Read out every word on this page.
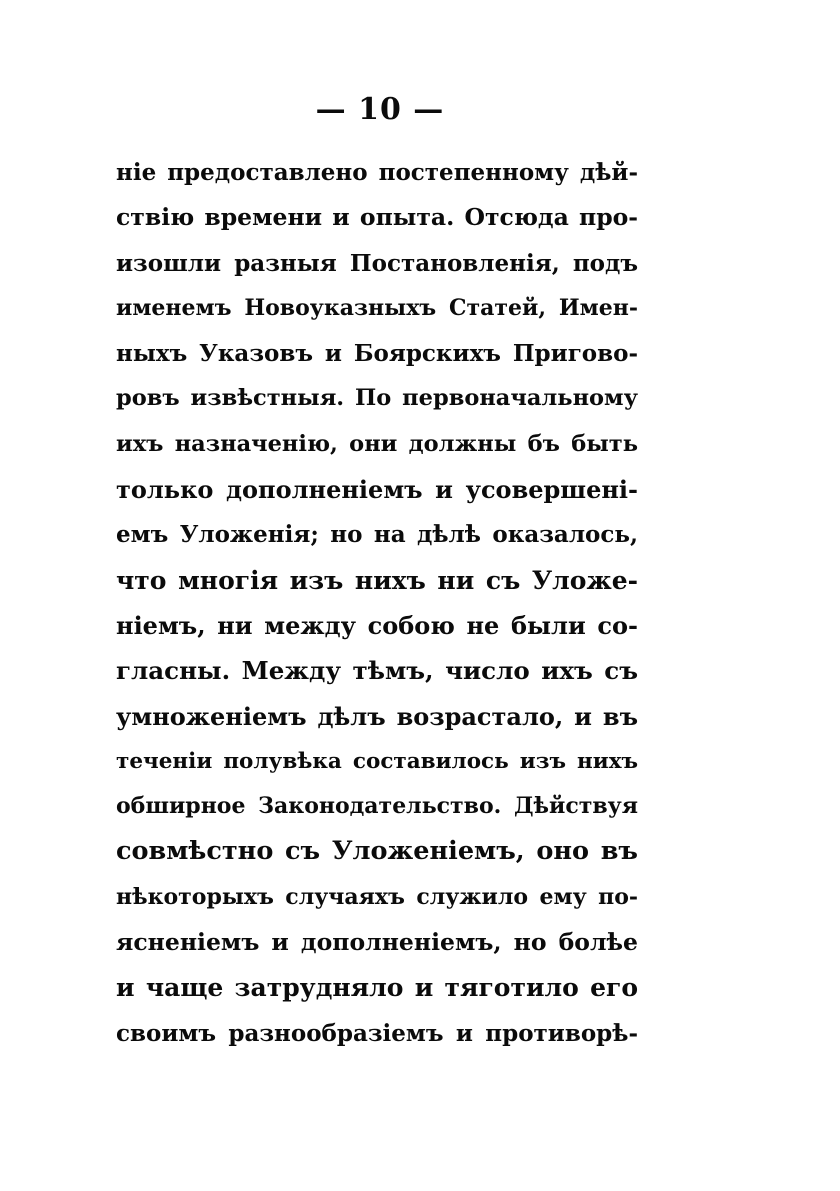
— 10 —
ніе предоставлено постепенному дѣй-
ствію времени и опыта. Отсюда про-
изошли разныя Постановленія, подъ
именемъ Новоуказныхъ Статей, Имен-
ныхъ Указовъ и Боярскихъ Пригово-
ровъ извѣстныя. По первоначальному
ихъ назначенію, они должны бъ быть
только дополненіемъ и усовершені-
емъ Уложенія; но на дѣлѣ оказалось,
что многія изъ нихъ ни съ Уложе-
ніемъ, ни между собою не были со-
гласны. Между тѣмъ, число ихъ съ
умноженіемъ дѣлъ возрастало, и въ
теченіи полувѣка составилось изъ нихъ
обширное Законодательство. Дѣйствуя
совмѣстно съ Уложеніемъ, оно въ
нѣкоторыхъ случаяхъ служило ему по-
ясненіемъ и дополненіемъ, но болѣе
и чаще затрудняло и тяготило его
своимъ разнообразіемъ и противорѣ-
